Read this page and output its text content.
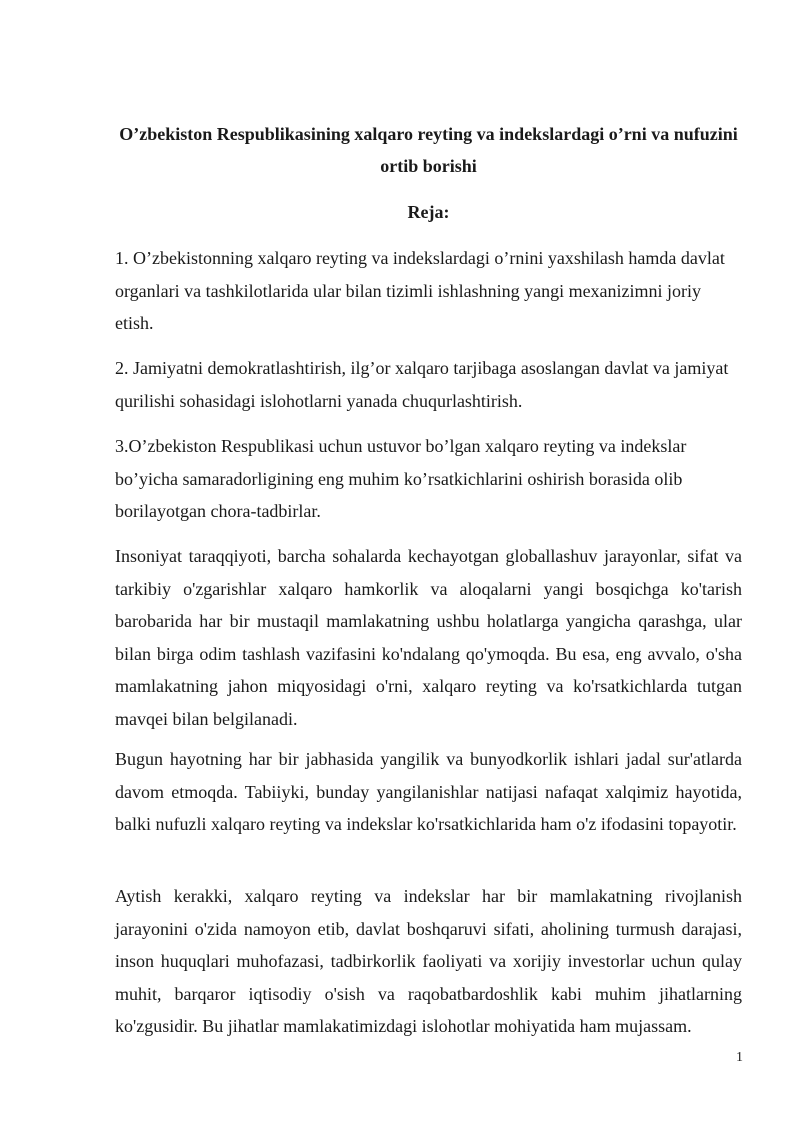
O’zbekiston Respublikasining xalqaro reyting va indekslardagi o’rni va nufuzini ortib borishi

Reja:

1. O’zbekistonning xalqaro reyting va indekslardagi o’rnini yaxshilash hamda davlat organlari va tashkilotlarida ular bilan tizimli ishlashning yangi mexanizimni joriy etish.

2. Jamiyatni demokratlashtirish, ilg’or xalqaro tarjibaga asoslangan davlat va jamiyat qurilishi sohasidagi islohotlarni yanada chuqurlashtirish.

3.O’zbekiston Respublikasi uchun ustuvor bo’lgan xalqaro reyting va indekslar bo’yicha samaradorligining eng muhim ko’rsatkichlarini oshirish borasida olib borilayotgan chora-tadbirlar.

Insoniyat taraqqiyoti, barcha sohalarda kechayotgan globallashuv jarayonlar, sifat va tarkibiy o'zgarishlar xalqaro hamkorlik va aloqalarni yangi bosqichga ko'tarish barobarida har bir mustaqil mamlakatning ushbu holatlarga yangicha qarashga, ular bilan birga odim tashlash vazifasini ko'ndalang qo'ymoqda. Bu esa, eng avvalo, o'sha mamlakatning jahon miqyosidagi o'rni, xalqaro reyting va ko'rsatkichlarda tutgan mavqei bilan belgilanadi.

Bugun hayotning har bir jabhasida yangilik va bunyodkorlik ishlari jadal sur'atlarda davom etmoqda. Tabiiyki, bunday yangilanishlar natijasi nafaqat xalqimiz hayotida, balki nufuzli xalqaro reyting va indekslar ko'rsatkichlarida ham o'z ifodasini topayotir.

Aytish kerakki, xalqaro reyting va indekslar har bir mamlakatning rivojlanish jarayonini o'zida namoyon etib, davlat boshqaruvi sifati, aholining turmush darajasi, inson huquqlari muhofazasi, tadbirkorlik faoliyati va xorijiy investorlar uchun qulay muhit, barqaror iqtisodiy o'sish va raqobatbardoshlik kabi muhim jihatlarning ko'zgusidir. Bu jihatlar mamlakatimizdagi islohotlar mohiyatida ham mujassam.

1
